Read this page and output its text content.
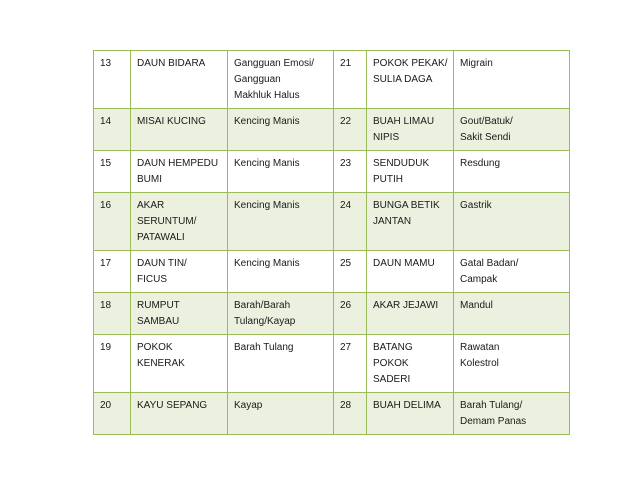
13	DAUN BIDARA	Gangguan Emosi/
Gangguan
Makhluk Halus	21	POKOK PEKAK/
SULIA DAGA	Migrain
14	MISAI KUCING	Kencing Manis	22	BUAH LIMAU
NIPIS	Gout/Batuk/
Sakit Sendi
15	DAUN HEMPEDU
BUMI	Kencing Manis	23	SENDUDUK
PUTIH	Resdung
16	AKAR
SERUNTUM/
PATAWALI	Kencing Manis	24	BUNGA BETIK
JANTAN	Gastrik
17	DAUN TIN/
FICUS	Kencing Manis	25	DAUN MAMU	Gatal Badan/
Campak
18	RUMPUT
SAMBAU	Barah/Barah
Tulang/Kayap	26	AKAR JEJAWI	Mandul
19	POKOK KENERAK	Barah Tulang	27	BATANG
POKOK SADERI	Rawatan
Kolestrol
20	KAYU SEPANG	Kayap	28	BUAH DELIMA	Barah Tulang/
Demam Panas
